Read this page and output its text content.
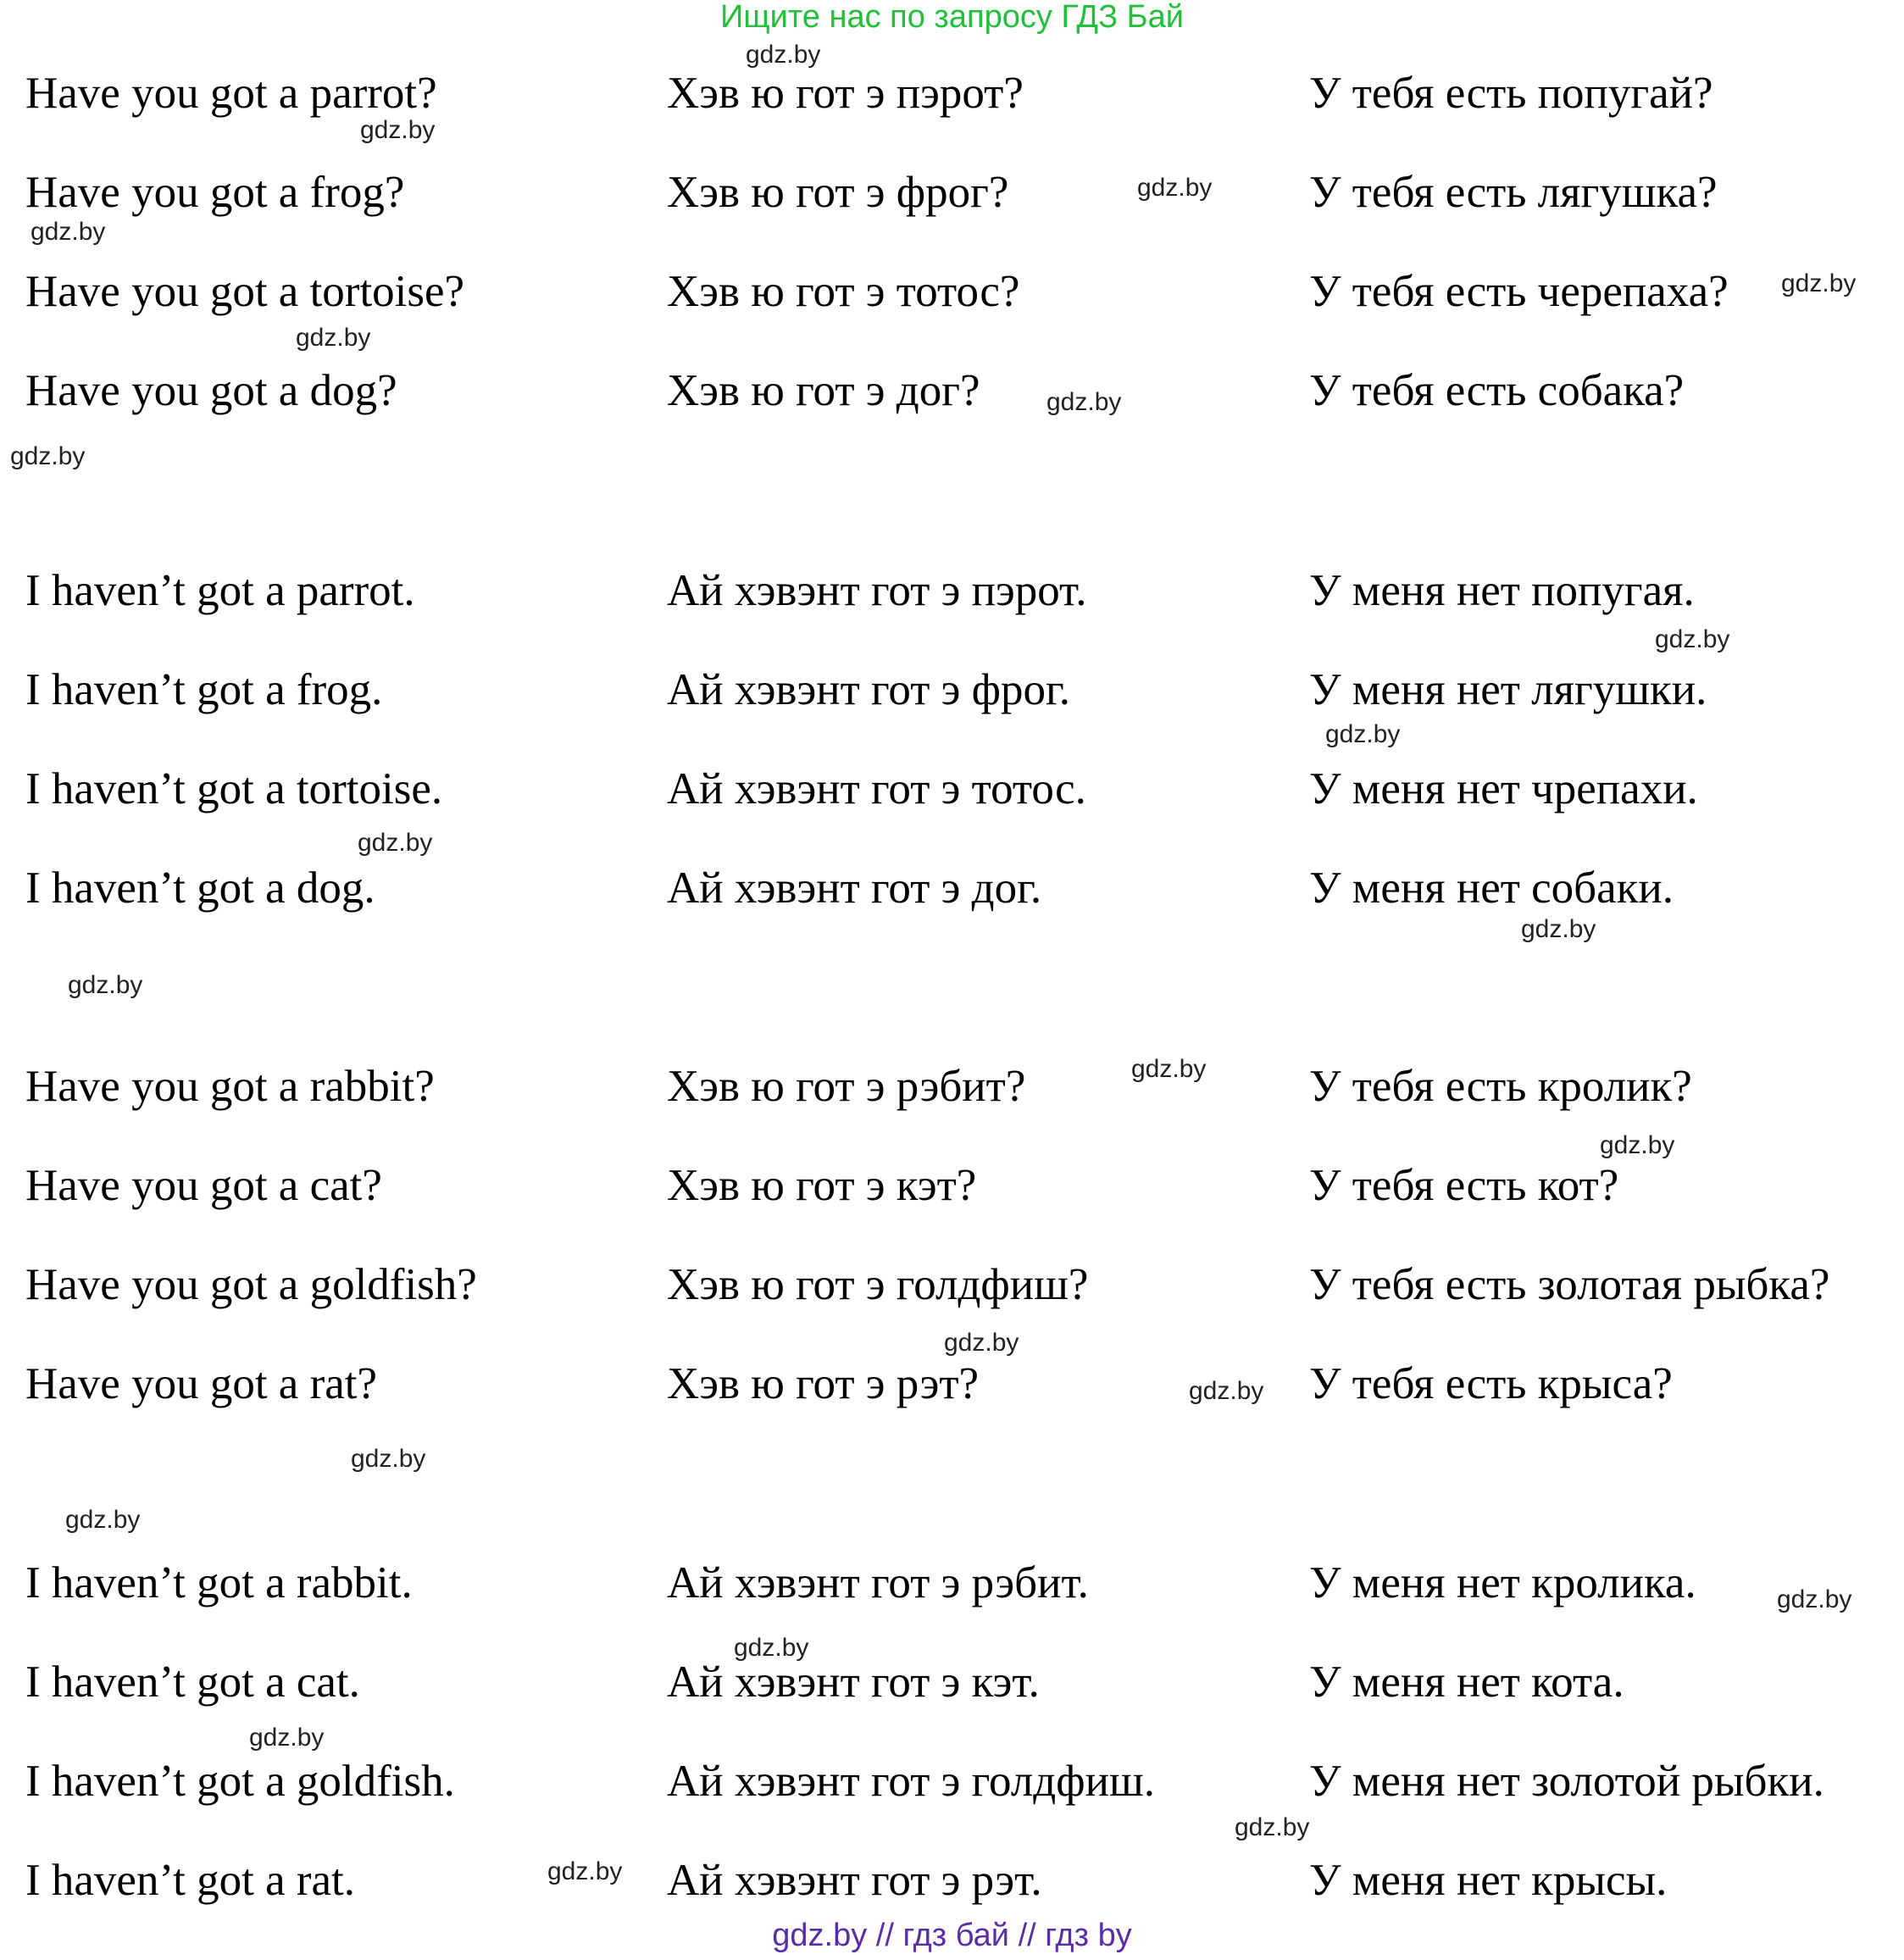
Ищите нас по запросу ГДЗ Бай
Have you got a parrot?	Хэв ю гот э пэрот?	У тебя есть попугай?
Have you got a frog?	Хэв ю гот э фрог?	У тебя есть лягушка?
Have you got a tortoise?	Хэв ю гот э тотос?	У тебя есть черепаха?
Have you got a dog?	Хэв ю гот э дог?	У тебя есть собака?
I haven’t got a parrot.	Ай хэвэнт гот э пэрот.	У меня нет попугая.
I haven’t got a frog.	Ай хэвэнт гот э фрог.	У меня нет лягушки.
I haven’t got a tortoise.	Ай хэвэнт гот э тотос.	У меня нет чрепахи.
I haven’t got a dog.	Ай хэвэнт гот э дог.	У меня нет собаки.
Have you got a rabbit?	Хэв ю гот э рэбит?	У тебя есть кролик?
Have you got a cat?	Хэв ю гот э кэт?	У тебя есть кот?
Have you got a goldfish?	Хэв ю гот э голдфиш?	У тебя есть золотая рыбка?
Have you got a rat?	Хэв ю гот э рэт?	У тебя есть крыса?
I haven’t got a rabbit.	Ай хэвэнт гот э рэбит.	У меня нет кролика.
I haven’t got a cat.	Ай хэвэнт гот э кэт.	У меня нет кота.
I haven’t got a goldfish.	Ай хэвэнт гот э голдфиш.	У меня нет золотой рыбки.
I haven’t got a rat.	Ай хэвэнт гот э рэт.	У меня нет крысы.
gdz.by
gdz.by
gdz.by
gdz.by
gdz.by
gdz.by
gdz.by
gdz.by
gdz.by
gdz.by
gdz.by
gdz.by
gdz.by
gdz.by
gdz.by
gdz.by
gdz.by
gdz.by
gdz.by
gdz.by
gdz.by
gdz.by
gdz.by
gdz.by
gdz.by // гдз бай // гдз by
